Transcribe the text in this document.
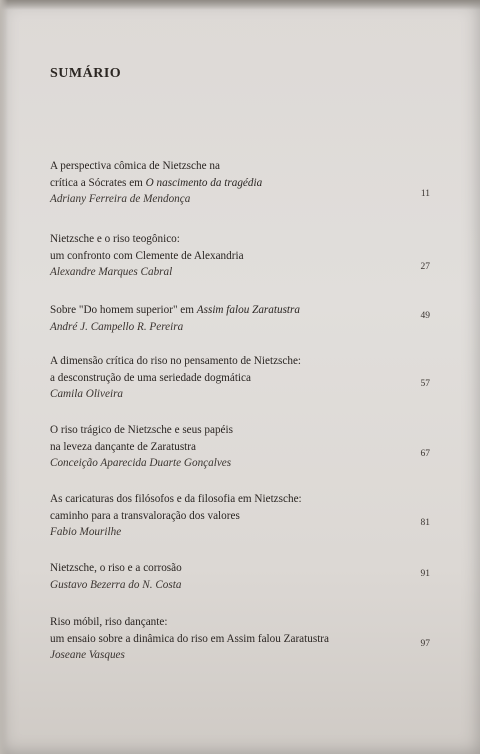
SUMÁRIO
A perspectiva cômica de Nietzsche na
crítica a Sócrates em O nascimento da tragédia
Adriany Ferreira de Mendonça	11
Nietzsche e o riso teogônico:
um confronto com Clemente de Alexandria
Alexandre Marques Cabral	27
Sobre "Do homem superior" em Assim falou Zaratustra
André J. Campello R. Pereira
49
A dimensão crítica do riso no pensamento de Nietzsche:
a desconstrução de uma seriedade dogmática
Camila Oliveira
57
O riso trágico de Nietzsche e seus papéis
na leveza dançante de Zaratustra
Conceição Aparecida Duarte Gonçalves
67
As caricaturas dos filósofos e da filosofia em Nietzsche:
caminho para a transvaloração dos valores
Fabio Mourilhe
81
Nietzsche, o riso e a corrosão
Gustavo Bezerra do N. Costa
91
Riso móbil, riso dançante:
um ensaio sobre a dinâmica do riso em Assim falou Zaratustra
Joseane Vasques
97
